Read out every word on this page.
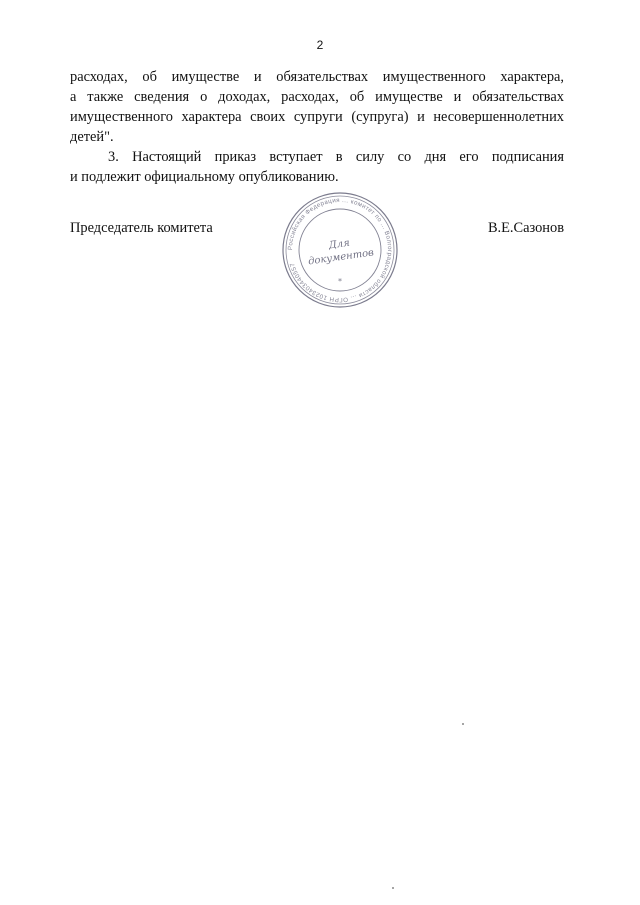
2

расходах, об имуществе и обязательствах имущественного характера,

а также сведения о доходах, расходах, об имуществе и обязательствах

имущественного характера своих супруги (супруга) и несовершеннолетних

детей".

3. Настоящий приказ вступает в силу со дня его подписания

и подлежит официальному опубликованию.

Председатель комитета	В.Е.Сазонов
Российская Федерация ... комитет по ... Волгоградской области ... ОГРН 1023403440557
Для
документов
*
